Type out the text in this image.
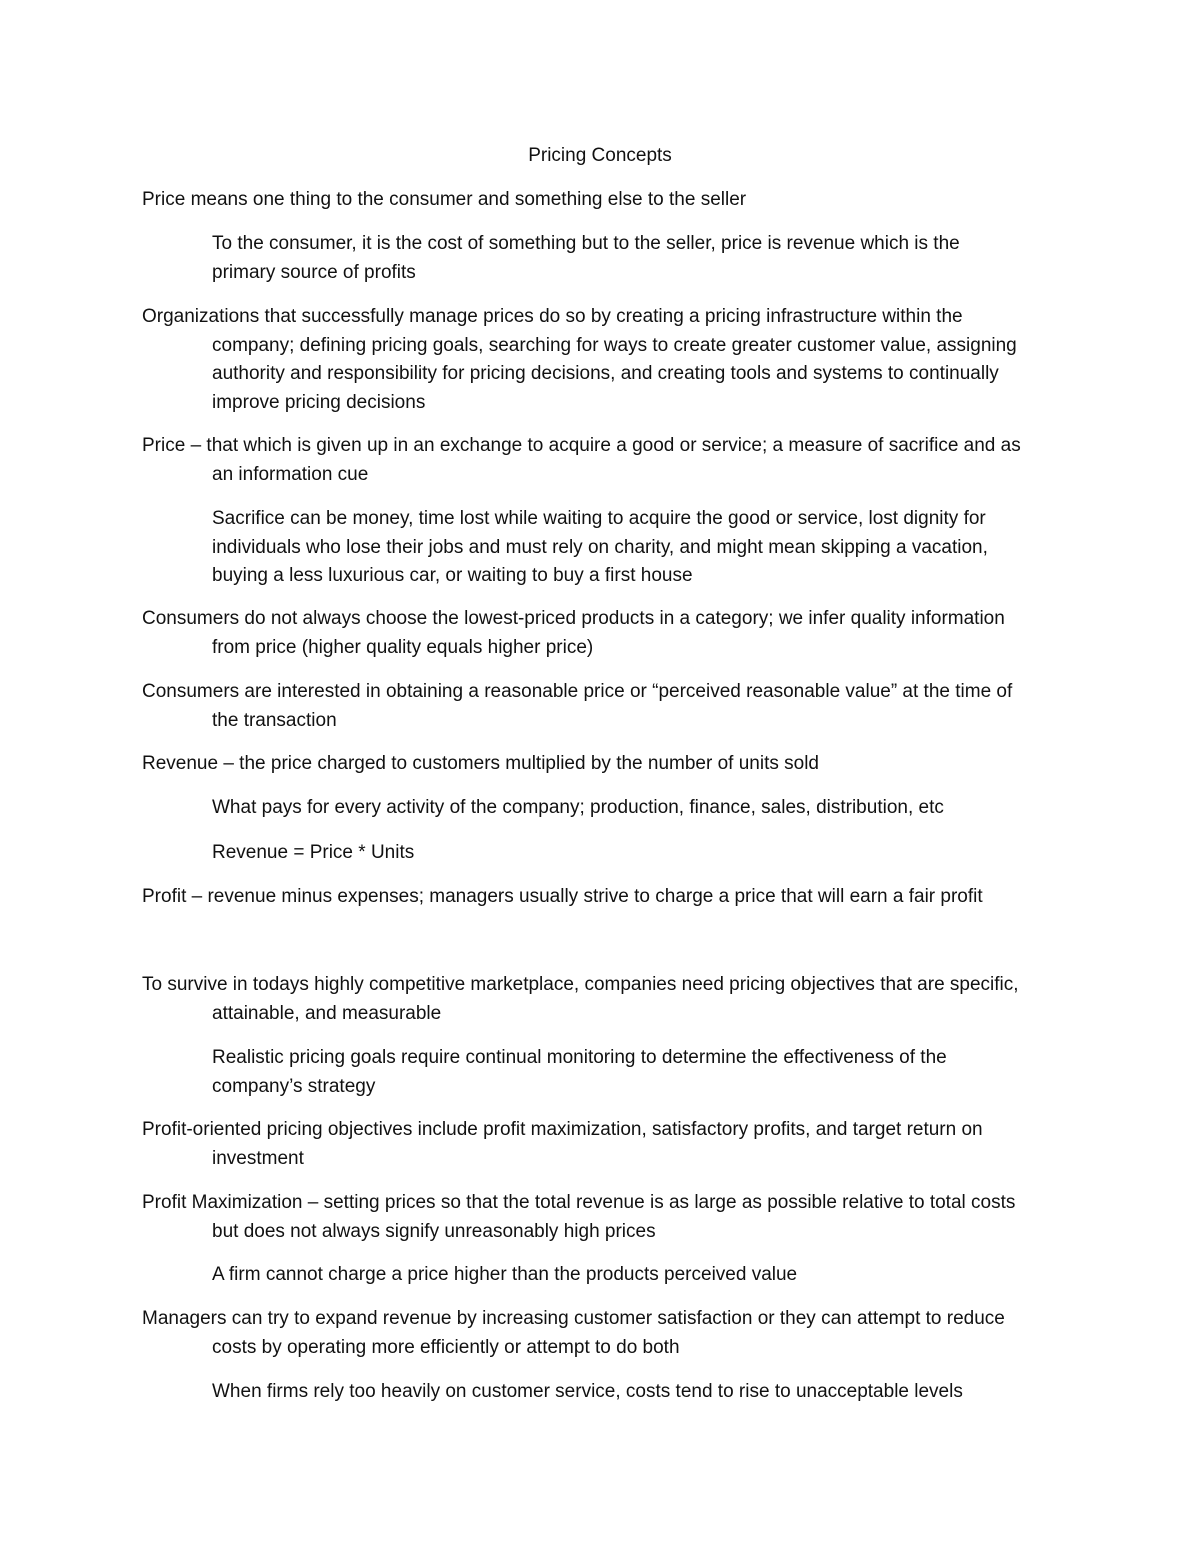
Pricing Concepts
Price means one thing to the consumer and something else to the seller
To the consumer, it is the cost of something but to the seller, price is revenue which is the
primary source of profits
Organizations that successfully manage prices do so by creating a pricing infrastructure within the
company; defining pricing goals, searching for ways to create greater customer value, assigning
authority and responsibility for pricing decisions, and creating tools and systems to continually
improve pricing decisions
Price – that which is given up in an exchange to acquire a good or service; a measure of sacrifice and as
an information cue
Sacrifice can be money, time lost while waiting to acquire the good or service, lost dignity for
individuals who lose their jobs and must rely on charity, and might mean skipping a vacation,
buying a less luxurious car, or waiting to buy a first house
Consumers do not always choose the lowest-priced products in a category; we infer quality information
from price (higher quality equals higher price)
Consumers are interested in obtaining a reasonable price or “perceived reasonable value” at the time of
the transaction
Revenue – the price charged to customers multiplied by the number of units sold
What pays for every activity of the company; production, finance, sales, distribution, etc
Revenue = Price * Units
Profit – revenue minus expenses; managers usually strive to charge a price that will earn a fair profit
To survive in todays highly competitive marketplace, companies need pricing objectives that are specific,
attainable, and measurable
Realistic pricing goals require continual monitoring to determine the effectiveness of the
company’s strategy
Profit-oriented pricing objectives include profit maximization, satisfactory profits, and target return on
investment
Profit Maximization – setting prices so that the total revenue is as large as possible relative to total costs
but does not always signify unreasonably high prices
A firm cannot charge a price higher than the products perceived value
Managers can try to expand revenue by increasing customer satisfaction or they can attempt to reduce
costs by operating more efficiently or attempt to do both
When firms rely too heavily on customer service, costs tend to rise to unacceptable levels
